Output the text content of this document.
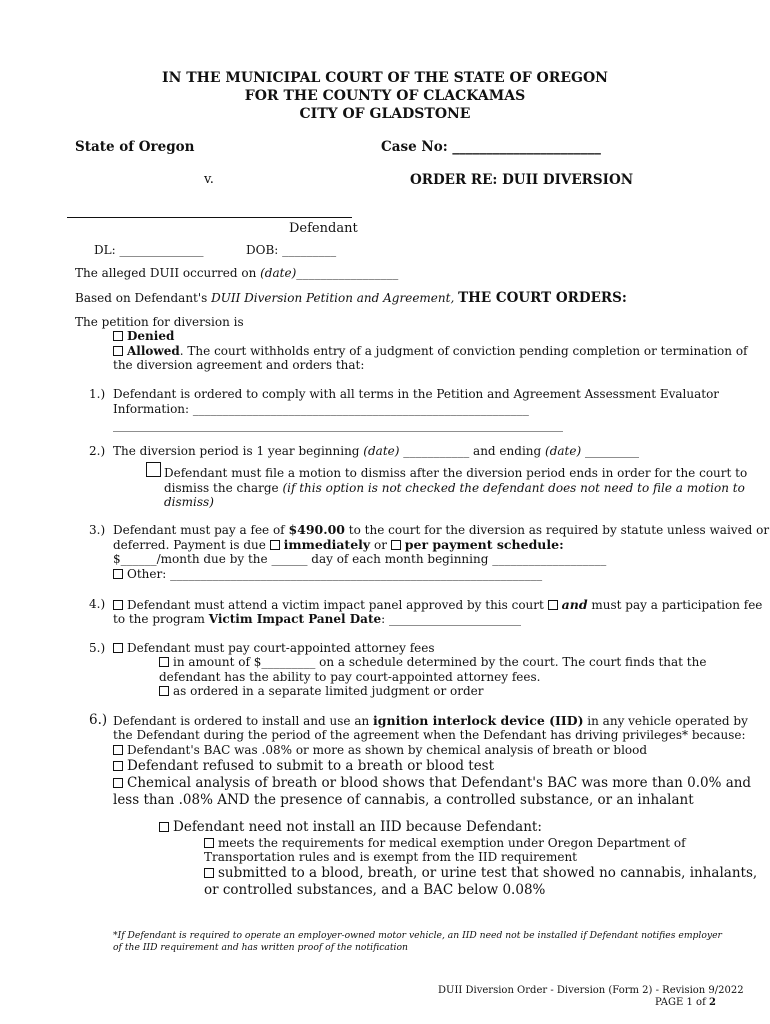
IN THE MUNICIPAL COURT OF THE STATE OF OREGON
FOR THE COUNTY OF CLACKAMAS
CITY OF GLADSTONE
State of Oregon	Case No: ______________________
v.	ORDER RE: DUII DIVERSION
Defendant
DL: ______________	DOB: _________
The alleged DUII occurred on (date)_________________
Based on Defendant's DUII Diversion Petition and Agreement, THE COURT ORDERS:
The petition for diversion is
Denied
Allowed. The court withholds entry of a judgment of conviction pending completion or termination of
the diversion agreement and orders that:
1.) Defendant is ordered to comply with all terms in the Petition and Agreement Assessment Evaluator
Information: ________________________________________________________
___________________________________________________________________________
2.) The diversion period is 1 year beginning (date) ___________ and ending (date) _________
Defendant must file a motion to dismiss after the diversion period ends in order for the court to
dismiss the charge (if this option is not checked the defendant does not need to file a motion to
dismiss)
3.) Defendant must pay a fee of $490.00 to the court for the diversion as required by statute unless waived or
deferred. Payment is due immediately or per payment schedule:
$______/month due by the ______ day of each month beginning ___________________
Other: ______________________________________________________________
4.)	Defendant must attend a victim impact panel approved by this court and must pay a participation fee
to the program Victim Impact Panel Date: ______________________
5.)	Defendant must pay court-appointed attorney fees
in amount of $_________ on a schedule determined by the court. The court finds that the
defendant has the ability to pay court-appointed attorney fees.
as ordered in a separate limited judgment or order
6.) Defendant is ordered to install and use an ignition interlock device (IID) in any vehicle operated by
the Defendant during the period of the agreement when the Defendant has driving privileges* because:
Defendant's BAC was .08% or more as shown by chemical analysis of breath or blood
Defendant refused to submit to a breath or blood test
Chemical analysis of breath or blood shows that Defendant's BAC was more than 0.0% and
less than .08% AND the presence of cannabis, a controlled substance, or an inhalant
Defendant need not install an IID because Defendant:
meets the requirements for medical exemption under Oregon Department of
Transportation rules and is exempt from the IID requirement
submitted to a blood, breath, or urine test that showed no cannabis, inhalants,
or controlled substances, and a BAC below 0.08%
*If Defendant is required to operate an employer-owned motor vehicle, an IID need not be installed if Defendant notifies employer
of the IID requirement and has written proof of the notification
DUII Diversion Order - Diversion (Form 2) - Revision 9/2022
PAGE 1 of 2
